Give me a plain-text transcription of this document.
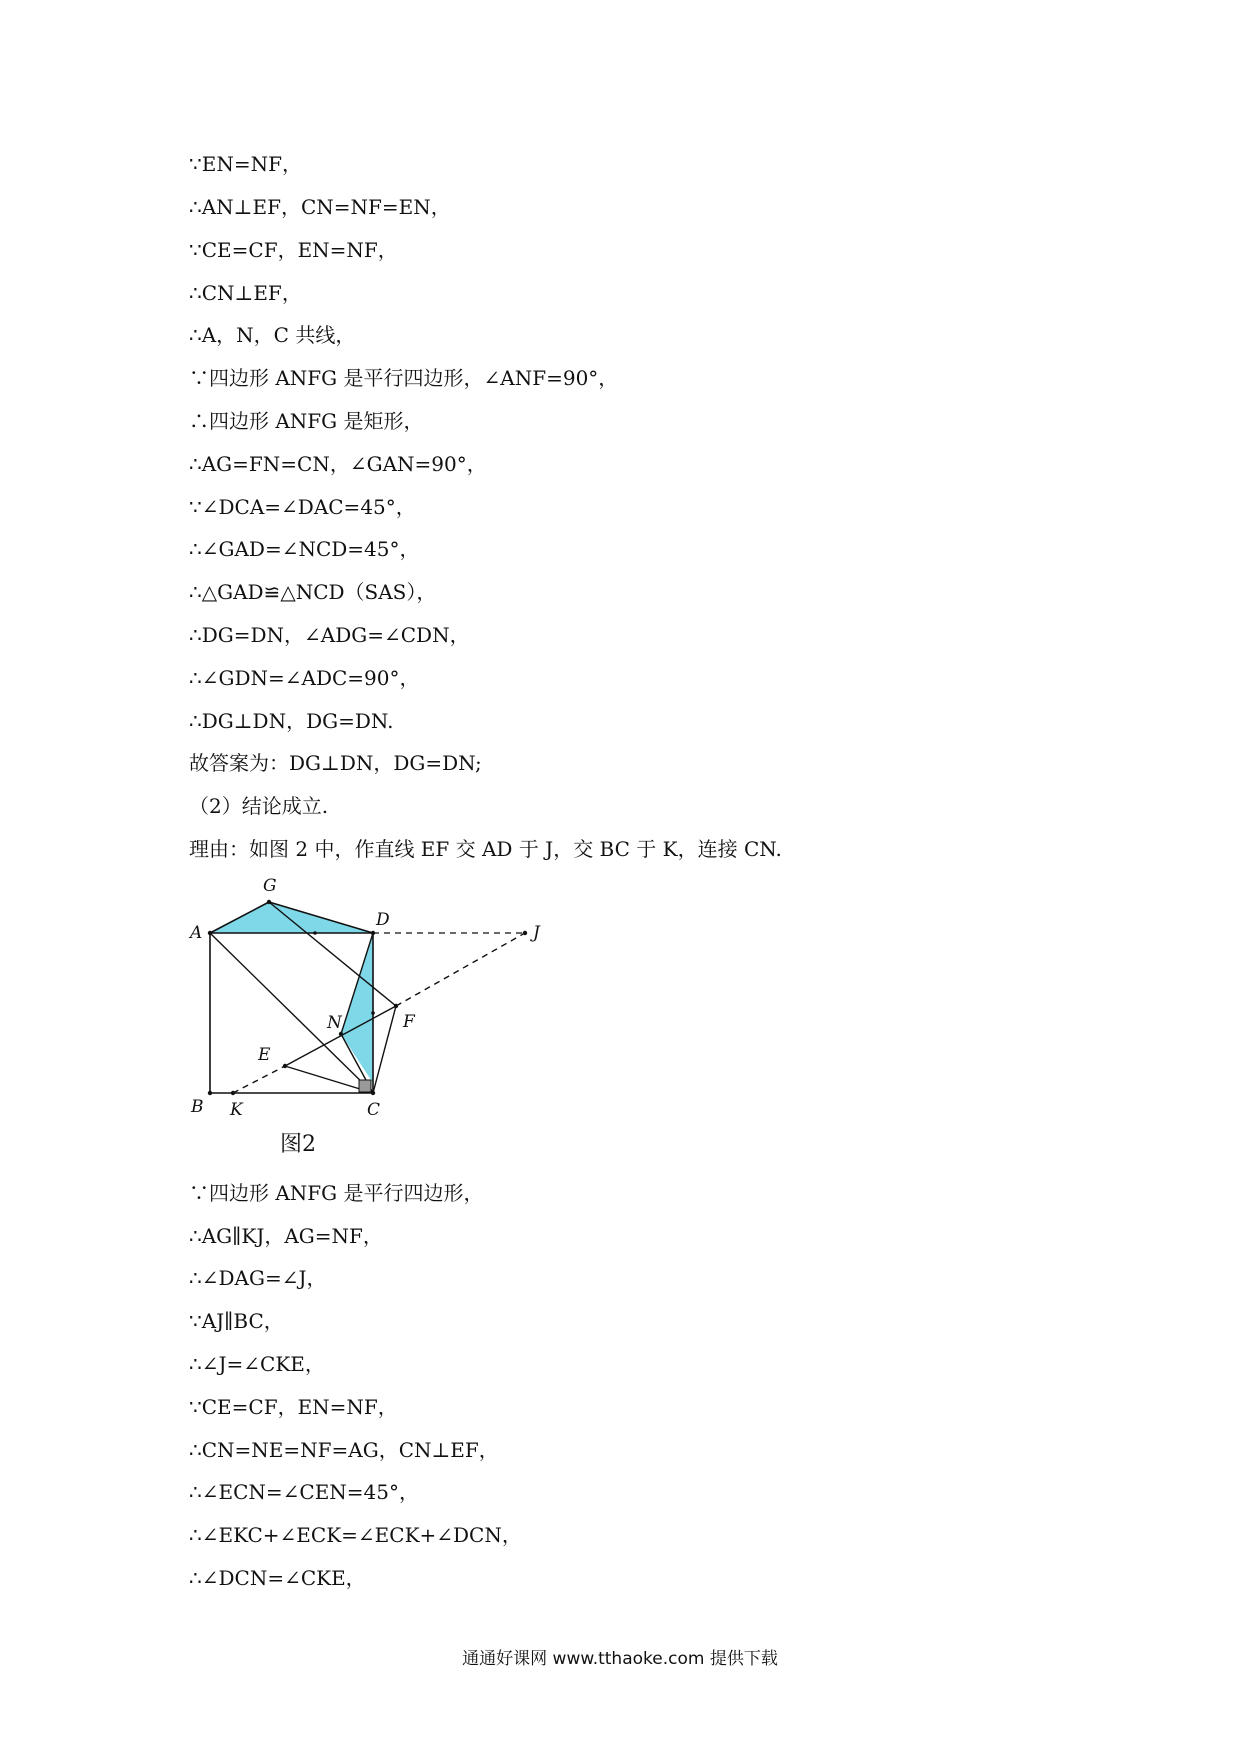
∵EN=NF，
∴AN⊥EF，CN=NF=EN，
∵CE=CF，EN=NF，
∴CN⊥EF，
∴A，N，C 共线，
∵四边形 ANFG 是平行四边形，∠ANF=90°，
∴四边形 ANFG 是矩形，
∴AG=FN=CN，∠GAN=90°，
∵∠DCA=∠DAC=45°，
∴∠GAD=∠NCD=45°，
∴△GAD≌△NCD（SAS），
∴DG=DN，∠ADG=∠CDN，
∴∠GDN=∠ADC=90°，
∴DG⊥DN，DG=DN.
故答案为：DG⊥DN，DG=DN;
（2）结论成立.
理由：如图 2 中，作直线 EF 交 AD 于 J，交 BC 于 K，连接 CN.
A
G
D
J
F
N
E
B K	C
图2
∵四边形 ANFG 是平行四边形，
∴AG∥KJ，AG=NF，
∴∠DAG=∠J，
∵AJ∥BC，
∴∠J=∠CKE，
∵CE=CF，EN=NF，
∴CN=NE=NF=AG，CN⊥EF，
∴∠ECN=∠CEN=45°，
∴∠EKC+∠ECK=∠ECK+∠DCN，
∴∠DCN=∠CKE，
通通好课网 www.tthaoke.com 提供下载
